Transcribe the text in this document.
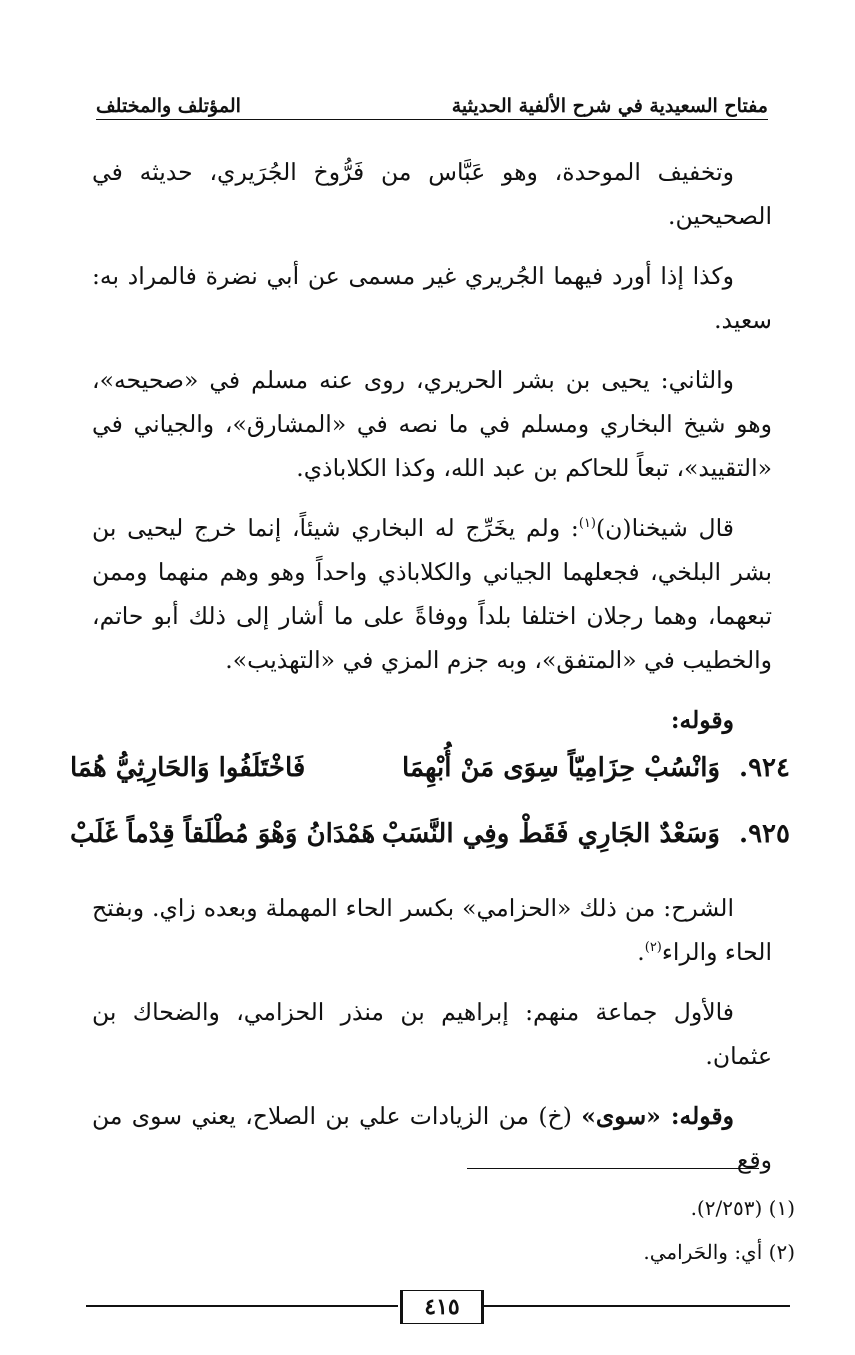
مفتاح السعيدية في شرح الألفية الحديثية
المؤتلف والمختلف

وتخفيف الموحدة، وهو عَبَّاس من فَرُّوخ الجُرَيري، حديثه في الصحيحين.

وكذا إذا أورد فيهما الجُريري غير مسمى عن أبي نضرة فالمراد به: سعيد.

والثاني: يحيى بن بشر الحريري، روى عنه مسلم في «صحيحه»، وهو شيخ البخاري ومسلم في ما نصه في «المشارق»، والجياني في «التقييد»، تبعاً للحاكم بن عبد الله، وكذا الكلاباذي.

قال شيخنا(ن)$^{(١)}$: ولم يخَرِّج له البخاري شيئاً، إنما خرج ليحيى بن بشر البلخي، فجعلهما الجياني والكلاباذي واحداً وهو وهم منهما وممن تبعهما، وهما رجلان اختلفا بلداً ووفاةً على ما أشار إلى ذلك أبو حاتم، والخطيب في «المتفق»، وبه جزم المزي في «التهذيب».

وقوله:

٩٢٤.
وَانْسُبْ حِزَامِيّاً سِوَى مَنْ أُبْهِمَا
فَاخْتَلَفُوا وَالحَارِثِيُّ هُمَا
٩٢٥.
وَسَعْدٌ الجَارِي فَقَطْ وفِي النَّسَبْ
هَمْدَانُ وَهْوَ مُطْلَقاً قِدْماً غَلَبْ

الشرح: من ذلك «الحزامي» بكسر الحاء المهملة وبعده زاي. وبفتح الحاء والراء$^{(٢)}$.

فالأول جماعة منهم: إبراهيم بن منذر الحزامي، والضحاك بن عثمان.

وقوله: «سوى» (خ) من الزيادات علي بن الصلاح، يعني سوى من وقع

(١) (٢/٢٥٣).

(٢) أي: والحَرامي.

٤١٥
